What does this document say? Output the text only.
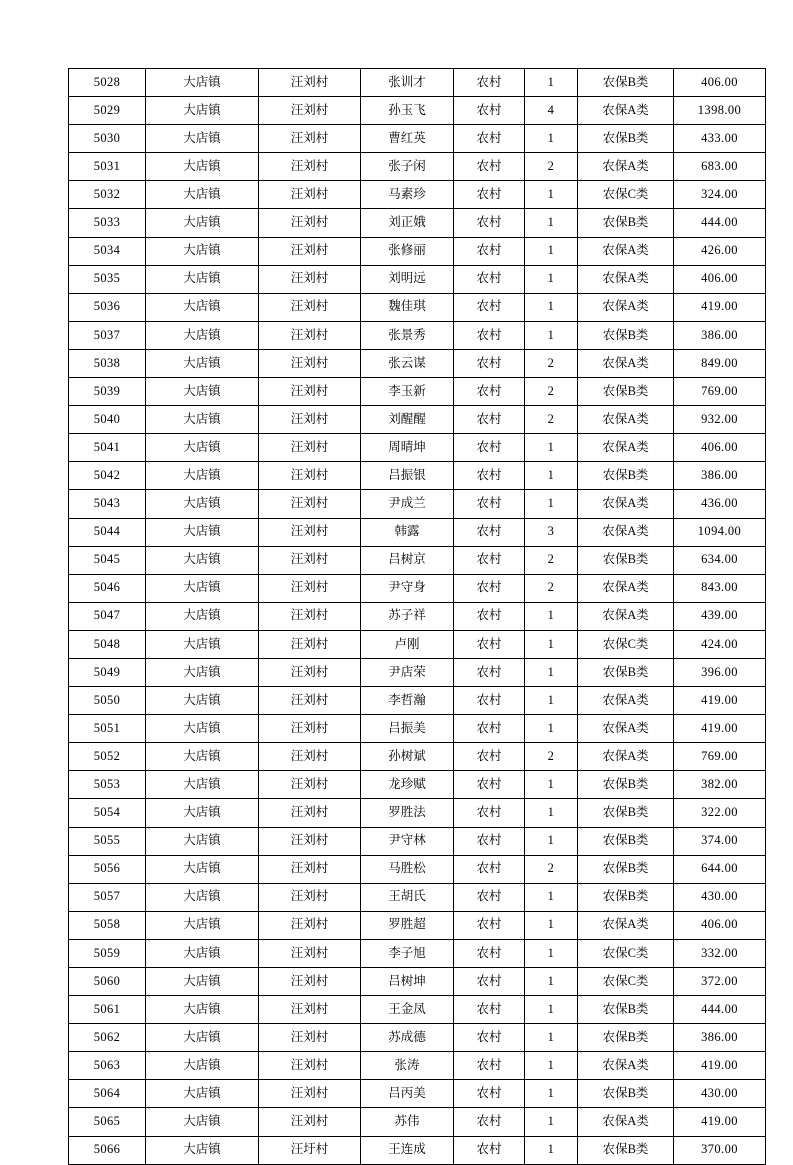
5028	大店镇	汪刘村	张训才	农村	1	农保B类	406.00
5029	大店镇	汪刘村	孙玉飞	农村	4	农保A类	1398.00
5030	大店镇	汪刘村	曹红英	农村	1	农保B类	433.00
5031	大店镇	汪刘村	张子闲	农村	2	农保A类	683.00
5032	大店镇	汪刘村	马素珍	农村	1	农保C类	324.00
5033	大店镇	汪刘村	刘正娥	农村	1	农保B类	444.00
5034	大店镇	汪刘村	张修丽	农村	1	农保A类	426.00
5035	大店镇	汪刘村	刘明远	农村	1	农保A类	406.00
5036	大店镇	汪刘村	魏佳琪	农村	1	农保A类	419.00
5037	大店镇	汪刘村	张景秀	农村	1	农保B类	386.00
5038	大店镇	汪刘村	张云谋	农村	2	农保A类	849.00
5039	大店镇	汪刘村	李玉新	农村	2	农保B类	769.00
5040	大店镇	汪刘村	刘醒醒	农村	2	农保A类	932.00
5041	大店镇	汪刘村	周晴坤	农村	1	农保A类	406.00
5042	大店镇	汪刘村	吕振银	农村	1	农保B类	386.00
5043	大店镇	汪刘村	尹成兰	农村	1	农保A类	436.00
5044	大店镇	汪刘村	韩露	农村	3	农保A类	1094.00
5045	大店镇	汪刘村	吕树京	农村	2	农保B类	634.00
5046	大店镇	汪刘村	尹守身	农村	2	农保A类	843.00
5047	大店镇	汪刘村	苏子祥	农村	1	农保A类	439.00
5048	大店镇	汪刘村	卢刚	农村	1	农保C类	424.00
5049	大店镇	汪刘村	尹店荣	农村	1	农保B类	396.00
5050	大店镇	汪刘村	李哲瀚	农村	1	农保A类	419.00
5051	大店镇	汪刘村	吕振美	农村	1	农保A类	419.00
5052	大店镇	汪刘村	孙树斌	农村	2	农保A类	769.00
5053	大店镇	汪刘村	龙珍赋	农村	1	农保B类	382.00
5054	大店镇	汪刘村	罗胜法	农村	1	农保B类	322.00
5055	大店镇	汪刘村	尹守林	农村	1	农保B类	374.00
5056	大店镇	汪刘村	马胜松	农村	2	农保B类	644.00
5057	大店镇	汪刘村	王胡氏	农村	1	农保B类	430.00
5058	大店镇	汪刘村	罗胜超	农村	1	农保A类	406.00
5059	大店镇	汪刘村	李子旭	农村	1	农保C类	332.00
5060	大店镇	汪刘村	吕树坤	农村	1	农保C类	372.00
5061	大店镇	汪刘村	王金凤	农村	1	农保B类	444.00
5062	大店镇	汪刘村	苏成德	农村	1	农保B类	386.00
5063	大店镇	汪刘村	张涛	农村	1	农保A类	419.00
5064	大店镇	汪刘村	吕丙美	农村	1	农保B类	430.00
5065	大店镇	汪刘村	苏伟	农村	1	农保A类	419.00
5066	大店镇	汪圩村	王连成	农村	1	农保B类	370.00
